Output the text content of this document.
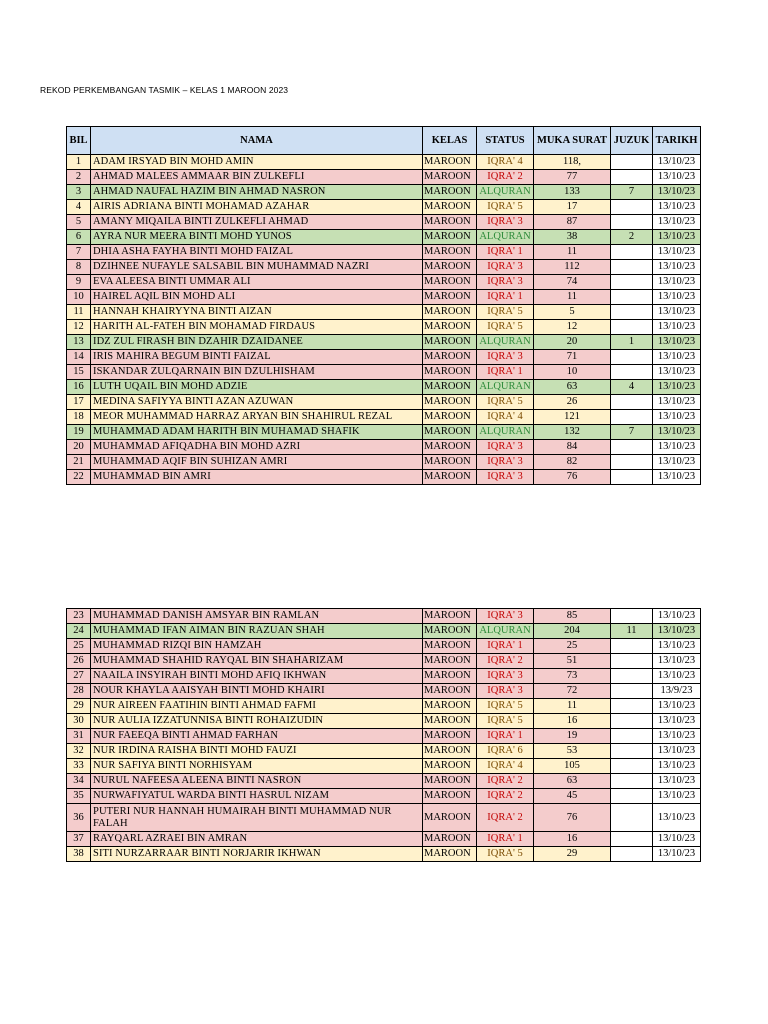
REKOD PERKEMBANGAN TASMIK – KELAS 1 MAROON 2023
BIL	NAMA	KELAS	STATUS	MUKA SURAT	JUZUK	TARIKH
1	ADAM IRSYAD BIN MOHD AMIN	MAROON	IQRA' 4	118,		13/10/23
2	AHMAD MALEES AMMAAR BIN ZULKEFLI	MAROON	IQRA' 2	77		13/10/23
3	AHMAD NAUFAL HAZIM BIN AHMAD NASRON	MAROON	ALQURAN	133	7	13/10/23
4	AIRIS ADRIANA BINTI MOHAMAD AZAHAR	MAROON	IQRA' 5	17		13/10/23
5	AMANY MIQAILA BINTI ZULKEFLI AHMAD	MAROON	IQRA' 3	87		13/10/23
6	AYRA NUR MEERA BINTI MOHD YUNOS	MAROON	ALQURAN	38	2	13/10/23
7	DHIA ASHA FAYHA BINTI MOHD FAIZAL	MAROON	IQRA' 1	11		13/10/23
8	DZIHNEE NUFAYLE SALSABIL BIN MUHAMMAD NAZRI	MAROON	IQRA' 3	112		13/10/23
9	EVA ALEESA BINTI UMMAR ALI	MAROON	IQRA' 3	74		13/10/23
10	HAIREL AQIL BIN MOHD ALI	MAROON	IQRA' 1	11		13/10/23
11	HANNAH KHAIRYYNA BINTI AIZAN	MAROON	IQRA' 5	5		13/10/23
12	HARITH AL-FATEH BIN MOHAMAD FIRDAUS	MAROON	IQRA' 5	12		13/10/23
13	IDZ ZUL FIRASH BIN DZAHIR DZAIDANEE	MAROON	ALQURAN	20	1	13/10/23
14	IRIS MAHIRA BEGUM BINTI FAIZAL	MAROON	IQRA' 3	71		13/10/23
15	ISKANDAR ZULQARNAIN BIN DZULHISHAM	MAROON	IQRA' 1	10		13/10/23
16	LUTH UQAIL BIN MOHD ADZIE	MAROON	ALQURAN	63	4	13/10/23
17	MEDINA SAFIYYA BINTI AZAN AZUWAN	MAROON	IQRA' 5	26		13/10/23
18	MEOR MUHAMMAD HARRAZ ARYAN BIN SHAHIRUL REZAL	MAROON	IQRA' 4	121		13/10/23
19	MUHAMMAD ADAM HARITH BIN MUHAMAD SHAFIK	MAROON	ALQURAN	132	7	13/10/23
20	MUHAMMAD AFIQADHA BIN MOHD AZRI	MAROON	IQRA' 3	84		13/10/23
21	MUHAMMAD AQIF BIN SUHIZAN AMRI	MAROON	IQRA' 3	82		13/10/23
22	MUHAMMAD BIN AMRI	MAROON	IQRA' 3	76		13/10/23
23	MUHAMMAD DANISH AMSYAR BIN RAMLAN	MAROON	IQRA' 3	85		13/10/23
24	MUHAMMAD IFAN AIMAN BIN RAZUAN SHAH	MAROON	ALQURAN	204	11	13/10/23
25	MUHAMMAD RIZQI BIN HAMZAH	MAROON	IQRA' 1	25		13/10/23
26	MUHAMMAD SHAHID RAYQAL BIN SHAHARIZAM	MAROON	IQRA' 2	51		13/10/23
27	NAAILA INSYIRAH BINTI MOHD AFIQ IKHWAN	MAROON	IQRA' 3	73		13/10/23
28	NOUR KHAYLA AAISYAH BINTI MOHD KHAIRI	MAROON	IQRA' 3	72		13/9/23
29	NUR AIREEN FAATIHIN BINTI AHMAD FAFMI	MAROON	IQRA' 5	11		13/10/23
30	NUR AULIA IZZATUNNISA BINTI ROHAIZUDIN	MAROON	IQRA' 5	16		13/10/23
31	NUR FAEEQA BINTI AHMAD FARHAN	MAROON	IQRA' 1	19		13/10/23
32	NUR IRDINA RAISHA BINTI MOHD FAUZI	MAROON	IQRA' 6	53		13/10/23
33	NUR SAFIYA BINTI NORHISYAM	MAROON	IQRA' 4	105		13/10/23
34	NURUL NAFEESA ALEENA BINTI NASRON	MAROON	IQRA' 2	63		13/10/23
35	NURWAFIYATUL WARDA BINTI HASRUL NIZAM	MAROON	IQRA' 2	45		13/10/23
36	PUTERI NUR HANNAH HUMAIRAH BINTI MUHAMMAD NUR FALAH	MAROON	IQRA' 2	76		13/10/23
37	RAYQARL AZRAEI BIN AMRAN	MAROON	IQRA' 1	16		13/10/23
38	SITI NURZARRAAR BINTI NORJARIR IKHWAN	MAROON	IQRA' 5	29		13/10/23
